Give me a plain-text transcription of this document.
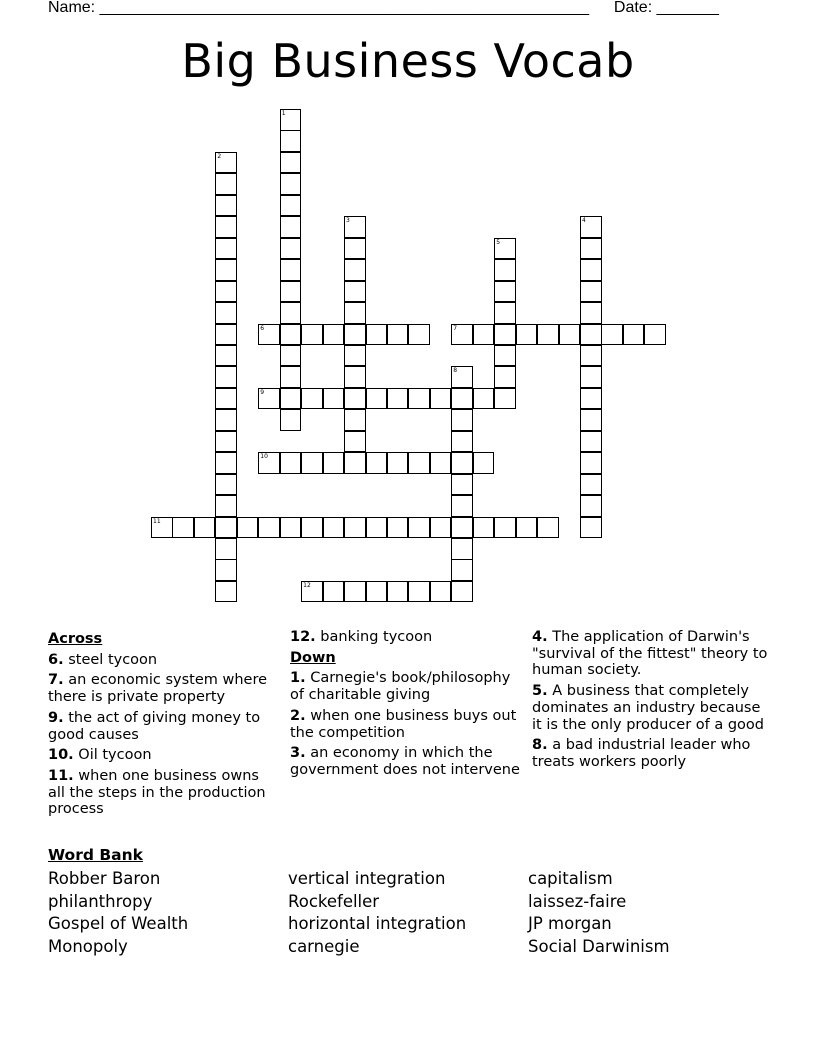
Name: _______________________________________________________ Date: _______
Big Business Vocab
1
2
3	4
5
6	7
8
9
10
11
12
Across
6. steel tycoon
7. an economic system where there is private property
9. the act of giving money to good causes
10. Oil tycoon
11. when one business owns all the steps in the production process
12. banking tycoon
Down
1. Carnegie's book/philosophy of charitable giving
2. when one business buys out the competition
3. an economy in which the government does not intervene
4. The application of Darwin's "survival of the fittest" theory to human society.
5. A business that completely dominates an industry because it is the only producer of a good
8. a bad industrial leader who treats workers poorly
Word Bank
Robber Baron
philanthropy
Gospel of Wealth
Monopoly
vertical integration
Rockefeller
horizontal integration
carnegie
capitalism
laissez-faire
JP morgan
Social Darwinism
